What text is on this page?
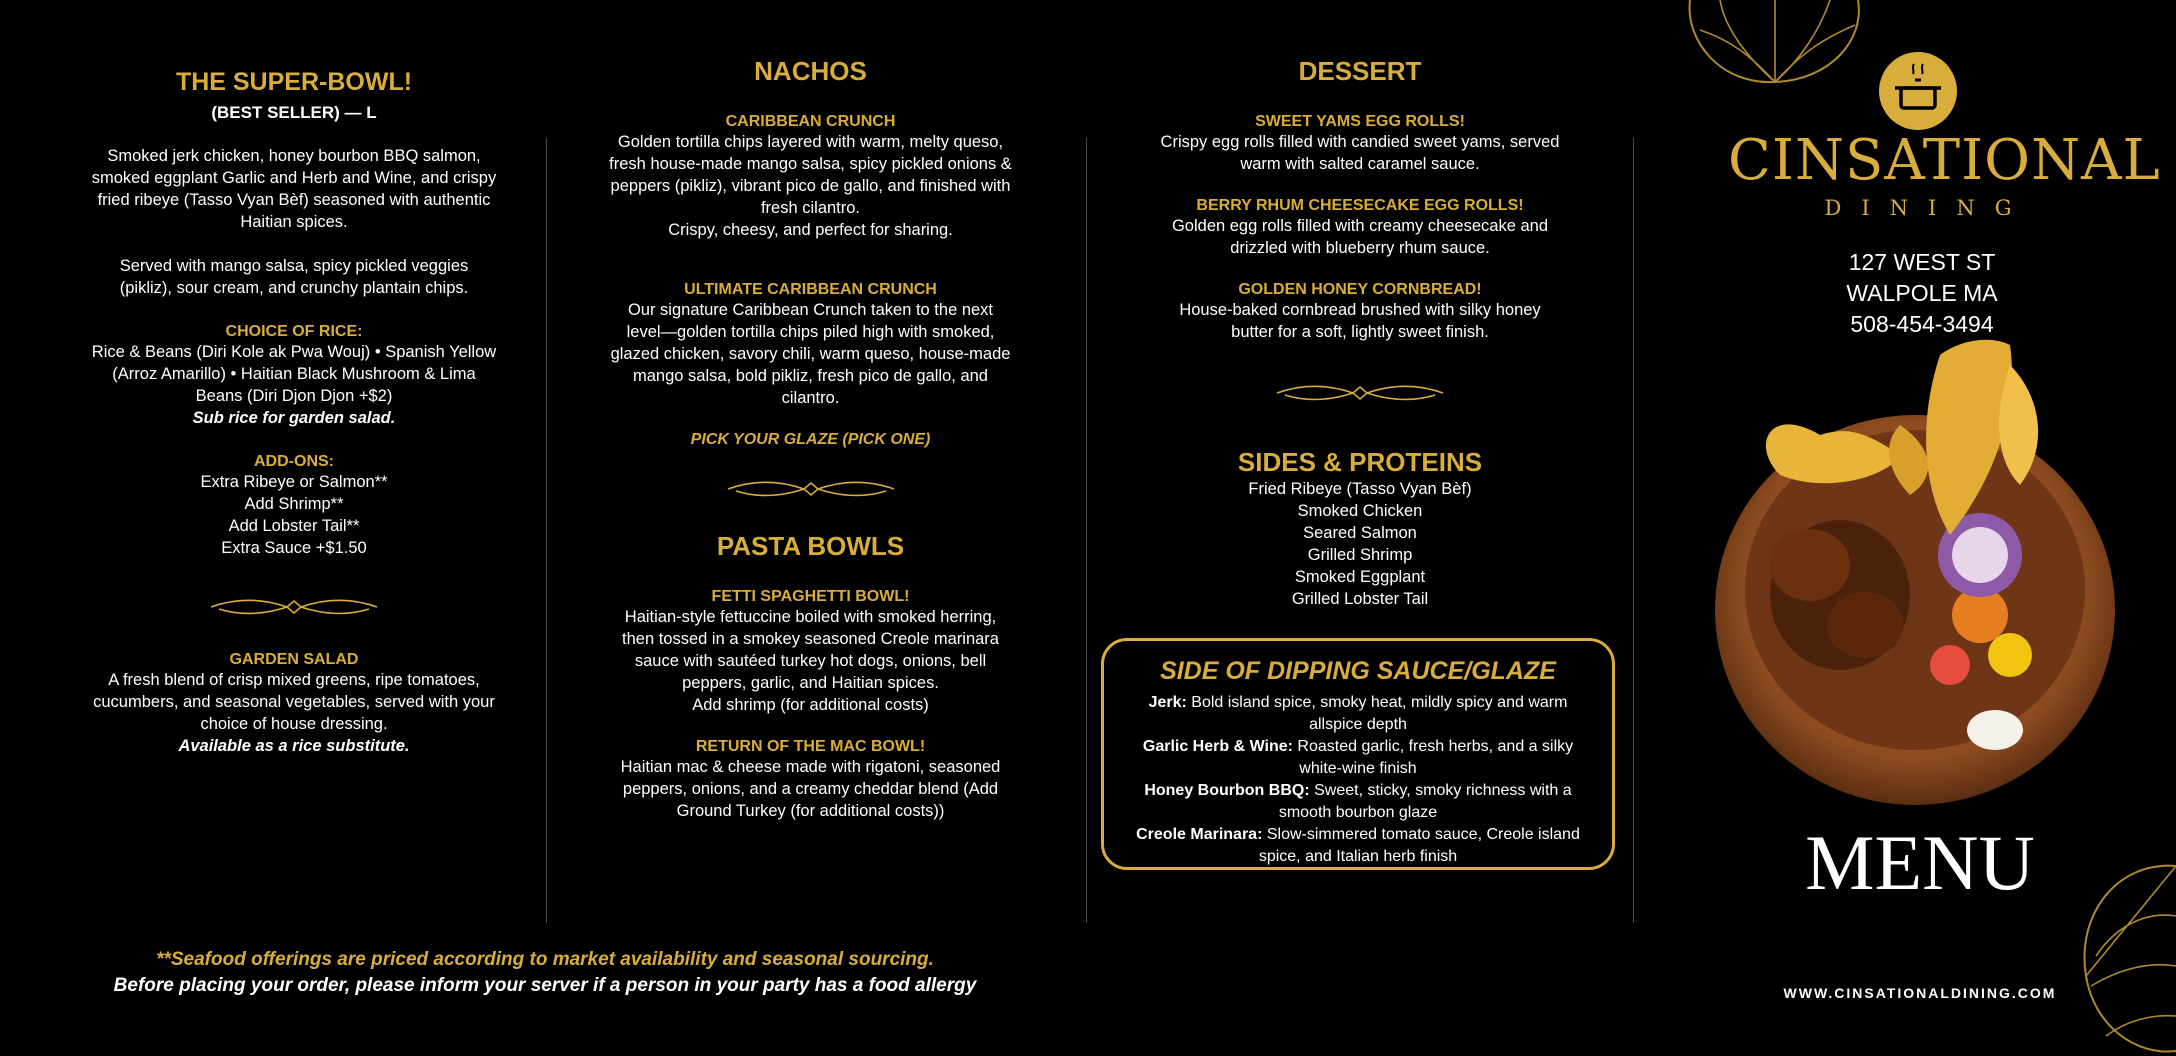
THE SUPER-BOWL!

(BEST SELLER) — L

Smoked jerk chicken, honey bourbon BBQ salmon,

smoked eggplant Garlic and Herb and Wine, and crispy

fried ribeye (Tasso Vyan Bèf) seasoned with authentic

Haitian spices.

Served with mango salsa, spicy pickled veggies

(pikliz), sour cream, and crunchy plantain chips.

CHOICE OF RICE:

Rice & Beans (Diri Kole ak Pwa Wouj) • Spanish Yellow

(Arroz Amarillo) • Haitian Black Mushroom & Lima

Beans (Diri Djon Djon +$2)

Sub rice for garden salad.

ADD-ONS:

Extra Ribeye or Salmon**

Add Shrimp**

Add Lobster Tail**

Extra Sauce +$1.50

GARDEN SALAD

A fresh blend of crisp mixed greens, ripe tomatoes,

cucumbers, and seasonal vegetables, served with your

choice of house dressing.

Available as a rice substitute.

NACHOS

CARIBBEAN CRUNCH

Golden tortilla chips layered with warm, melty queso,

fresh house-made mango salsa, spicy pickled onions &

peppers (pikliz), vibrant pico de gallo, and finished with

fresh cilantro.

Crispy, cheesy, and perfect for sharing.

ULTIMATE CARIBBEAN CRUNCH

Our signature Caribbean Crunch taken to the next

level—golden tortilla chips piled high with smoked,

glazed chicken, savory chili, warm queso, house-made

mango salsa, bold pikliz, fresh pico de gallo, and

cilantro.

PICK YOUR GLAZE (PICK ONE)

PASTA BOWLS

FETTI SPAGHETTI BOWL!

Haitian-style fettuccine boiled with smoked herring,

then tossed in a smokey seasoned Creole marinara

sauce with sautéed turkey hot dogs, onions, bell

peppers, garlic, and Haitian spices.

Add shrimp (for additional costs)

RETURN OF THE MAC BOWL!

Haitian mac & cheese made with rigatoni, seasoned

peppers, onions, and a creamy cheddar blend (Add

Ground Turkey (for additional costs))

DESSERT

SWEET YAMS EGG ROLLS!

Crispy egg rolls filled with candied sweet yams, served

warm with salted caramel sauce.

BERRY RHUM CHEESECAKE EGG ROLLS!

Golden egg rolls filled with creamy cheesecake and

drizzled with blueberry rhum sauce.

GOLDEN HONEY CORNBREAD!

House-baked cornbread brushed with silky honey

butter for a soft, lightly sweet finish.

SIDES & PROTEINS

Fried Ribeye (Tasso Vyan Bèf)

Smoked Chicken

Seared Salmon

Grilled Shrimp

Smoked Eggplant

Grilled Lobster Tail

SIDE OF DIPPING SAUCE/GLAZE

Jerk: Bold island spice, smoky heat, mildly spicy and warm

allspice depth

Garlic Herb & Wine: Roasted garlic, fresh herbs, and a silky

white-wine finish

Honey Bourbon BBQ: Sweet, sticky, smoky richness with a

smooth bourbon glaze

Creole Marinara: Slow-simmered tomato sauce, Creole island

spice, and Italian herb finish

**Seafood offerings are priced according to market availability and seasonal sourcing.
Before placing your order, please inform your server if a person in your party has a food allergy
CINSATIONAL
DINING
127 WEST ST
WALPOLE MA
508-454-3494
MENU
WWW.CINSATIONALDINING.COM
